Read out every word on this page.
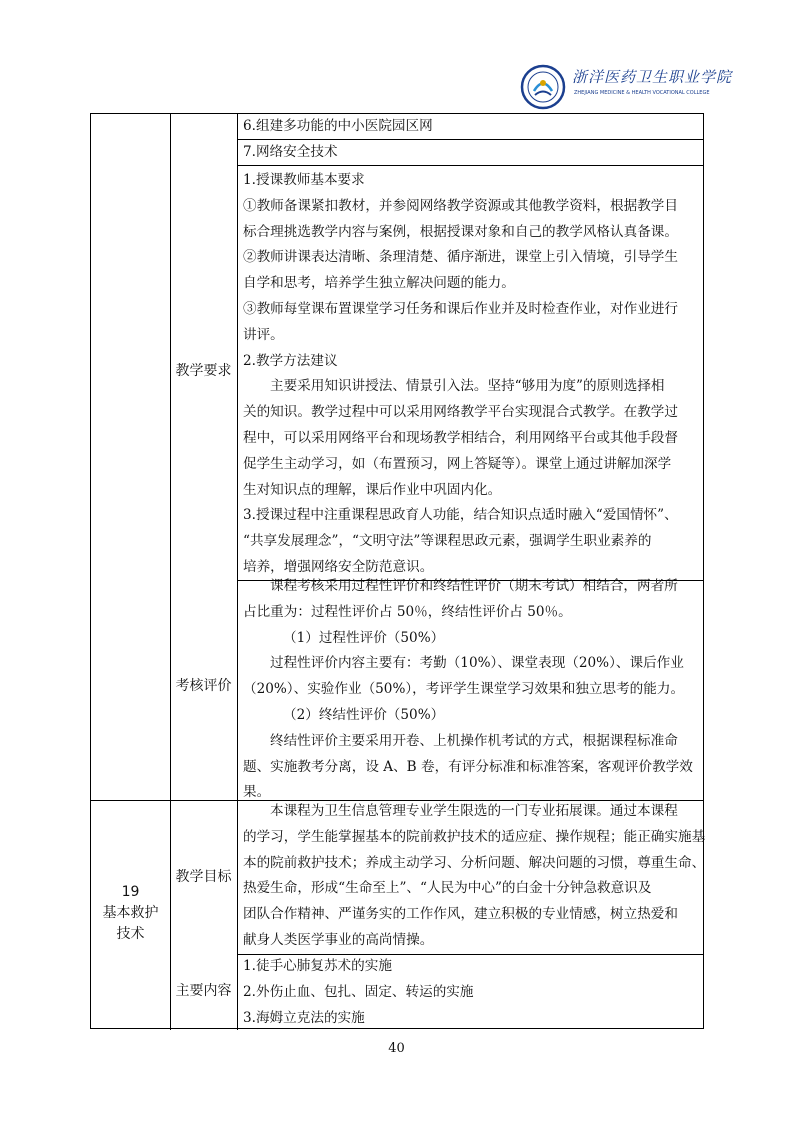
浙洋医药卫生职业学院
ZHEJIANG MEDICINE & HEALTH VOCATIONAL COLLEGE

6.组建多功能的中小医院园区网

7.网络安全技术

教学要求

1.授课教师基本要求

①教师备课紧扣教材，并参阅网络教学资源或其他教学资料，根据教学目

标合理挑选教学内容与案例，根据授课对象和自己的教学风格认真备课。

②教师讲课表达清晰、条理清楚、循序渐进，课堂上引入情境，引导学生

自学和思考，培养学生独立解决问题的能力。

③教师每堂课布置课堂学习任务和课后作业并及时检查作业，对作业进行

讲评。

2.教学方法建议

主要采用知识讲授法、情景引入法。坚持“够用为度”的原则选择相

关的知识。教学过程中可以采用网络教学平台实现混合式教学。在教学过

程中，可以采用网络平台和现场教学相结合，利用网络平台或其他手段督

促学生主动学习，如（布置预习，网上答疑等）。课堂上通过讲解加深学

生对知识点的理解，课后作业中巩固内化。

3.授课过程中注重课程思政育人功能，结合知识点适时融入“爱国情怀”、

“共享发展理念”，“文明守法”等课程思政元素，强调学生职业素养的

培养，增强网络安全防范意识。

考核评价

课程考核采用过程性评价和终结性评价（期末考试）相结合，两者所

占比重为：过程性评价占 50％，终结性评价占 50％。

（1）过程性评价（50%）

过程性评价内容主要有：考勤（10%）、课堂表现（20%）、课后作业

（20%）、实验作业（50%），考评学生课堂学习效果和独立思考的能力。

（2）终结性评价（50%）

终结性评价主要采用开卷、上机操作机考试的方式，根据课程标准命

题、实施教考分离，设 A、B 卷，有评分标准和标准答案，客观评价教学效

果。

19
基本救护
技术
教学目标

本课程为卫生信息管理专业学生限选的一门专业拓展课。通过本课程

的学习，学生能掌握基本的院前救护技术的适应症、操作规程；能正确实施基

本的院前救护技术；养成主动学习、分析问题、解决问题的习惯，尊重生命、

热爱生命，形成“生命至上”、“人民为中心”的白金十分钟急救意识及

团队合作精神、严谨务实的工作作风，建立积极的专业情感，树立热爱和

献身人类医学事业的高尚情操。

主要内容

1.徒手心肺复苏术的实施

2.外伤止血、包扎、固定、转运的实施

3.海姆立克法的实施

40
